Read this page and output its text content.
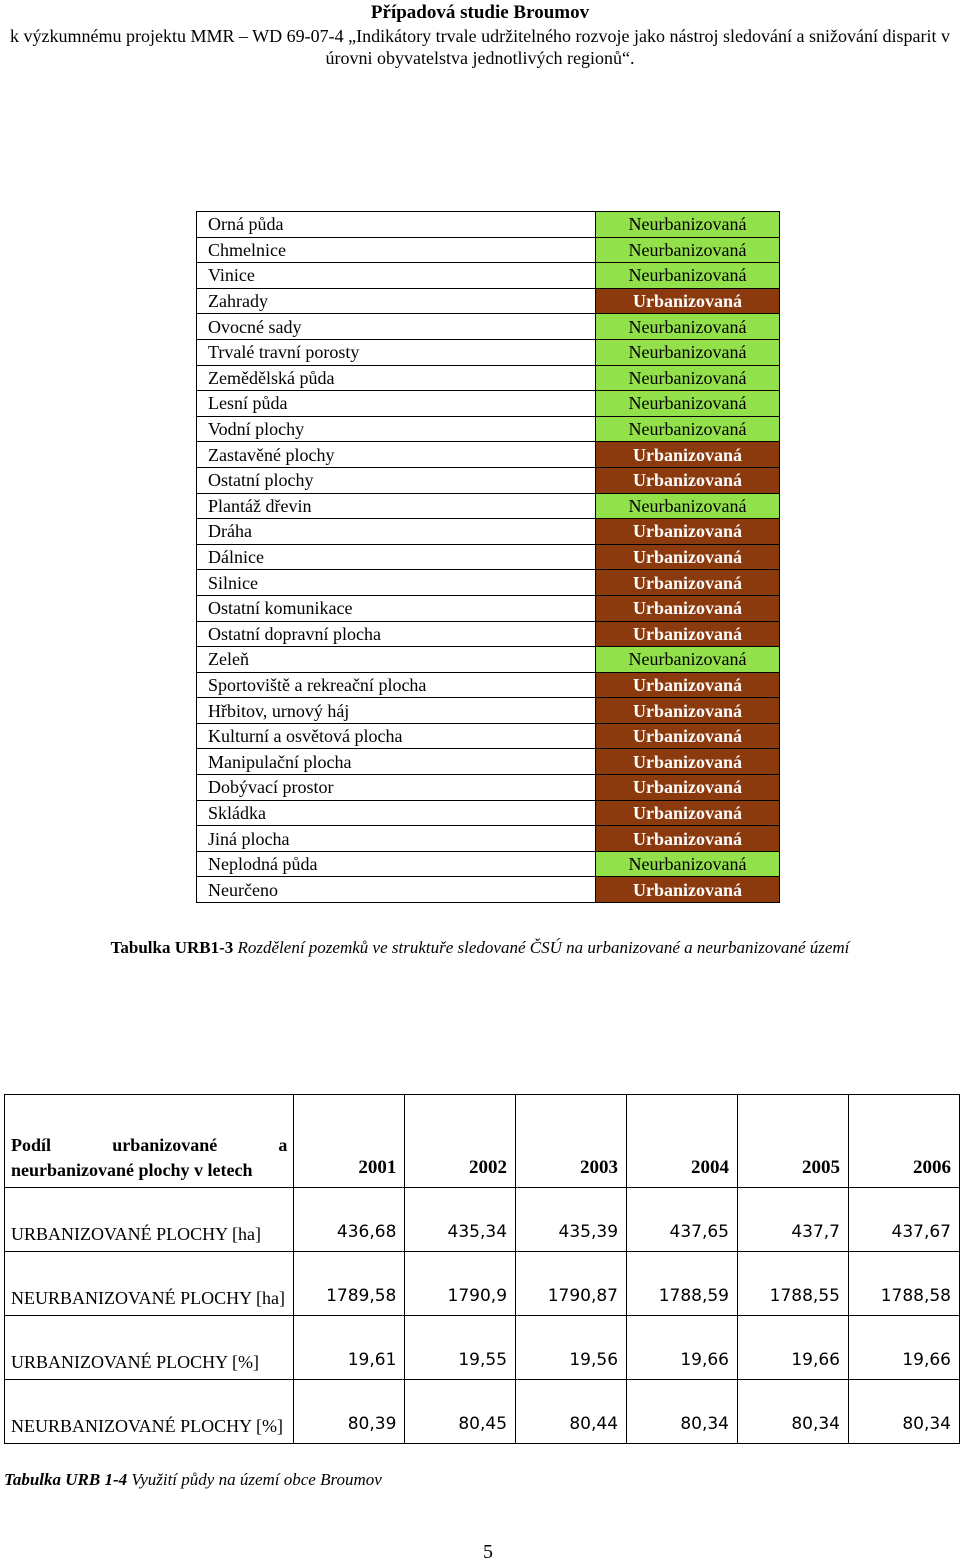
Případová studie Broumov
k výzkumnému projektu MMR – WD 69-07-4 „Indikátory trvale udržitelného rozvoje jako nástroj sledování a snižování disparit v úrovni obyvatelstva jednotlivých regionů“.
Orná půda	Neurbanizovaná
Chmelnice	Neurbanizovaná
Vinice	Neurbanizovaná
Zahrady	Urbanizovaná
Ovocné sady	Neurbanizovaná
Trvalé travní porosty	Neurbanizovaná
Zemědělská půda	Neurbanizovaná
Lesní půda	Neurbanizovaná
Vodní plochy	Neurbanizovaná
Zastavěné plochy	Urbanizovaná
Ostatní plochy	Urbanizovaná
Plantáž dřevin	Neurbanizovaná
Dráha	Urbanizovaná
Dálnice	Urbanizovaná
Silnice	Urbanizovaná
Ostatní komunikace	Urbanizovaná
Ostatní dopravní plocha	Urbanizovaná
Zeleň	Neurbanizovaná
Sportoviště a rekreační plocha	Urbanizovaná
Hřbitov, urnový háj	Urbanizovaná
Kulturní a osvětová plocha	Urbanizovaná
Manipulační plocha	Urbanizovaná
Dobývací prostor	Urbanizovaná
Skládka	Urbanizovaná
Jiná plocha	Urbanizovaná
Neplodná půda	Neurbanizovaná
Neurčeno	Urbanizovaná
Tabulka URB1-3 Rozdělení pozemků ve struktuře sledované ČSÚ na urbanizované a neurbanizované území
Podíl urbanizované a neurbanizované plochy v letech	2001	2002	2003	2004	2005	2006
URBANIZOVANÉ PLOCHY [ha]	436,68	435,34	435,39	437,65	437,7	437,67
NEURBANIZOVANÉ PLOCHY [ha]	1789,58	1790,9	1790,87	1788,59	1788,55	1788,58
URBANIZOVANÉ PLOCHY [%]	19,61	19,55	19,56	19,66	19,66	19,66
NEURBANIZOVANÉ PLOCHY [%]	80,39	80,45	80,44	80,34	80,34	80,34
Tabulka URB 1-4 Využití půdy na území obce Broumov
5
